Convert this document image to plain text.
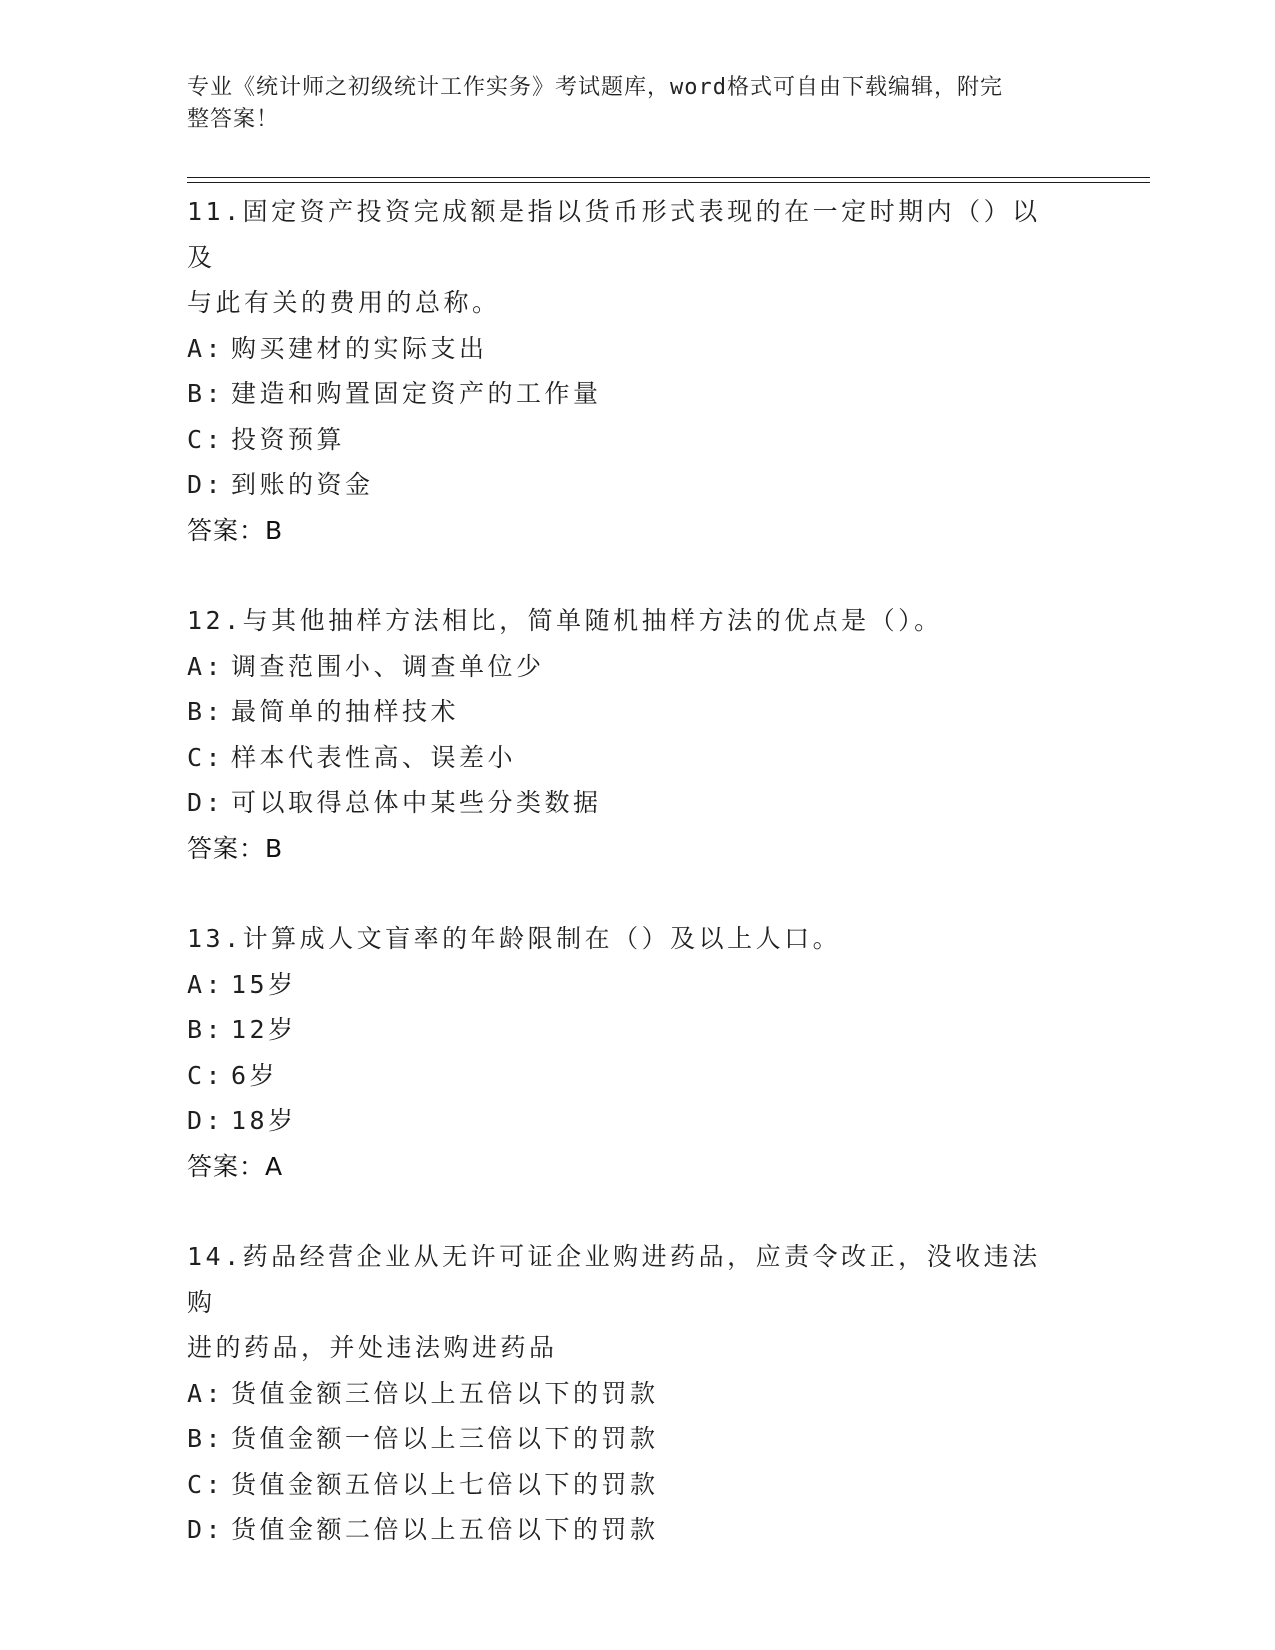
专业《统计师之初级统计工作实务》考试题库，word格式可自由下载编辑，附完
整答案！
11.固定资产投资完成额是指以货币形式表现的在一定时期内（）以及
与此有关的费用的总称。
A: 购买建材的实际支出
B: 建造和购置固定资产的工作量
C: 投资预算
D: 到账的资金
答案：B
12.与其他抽样方法相比，简单随机抽样方法的优点是（）。
A: 调查范围小、调查单位少
B: 最简单的抽样技术
C: 样本代表性高、误差小
D: 可以取得总体中某些分类数据
答案：B
13.计算成人文盲率的年龄限制在（）及以上人口。
A: 15岁
B: 12岁
C: 6岁
D: 18岁
答案：A
14.药品经营企业从无许可证企业购进药品，应责令改正，没收违法购
进的药品，并处违法购进药品
A: 货值金额三倍以上五倍以下的罚款
B: 货值金额一倍以上三倍以下的罚款
C: 货值金额五倍以上七倍以下的罚款
D: 货值金额二倍以上五倍以下的罚款
